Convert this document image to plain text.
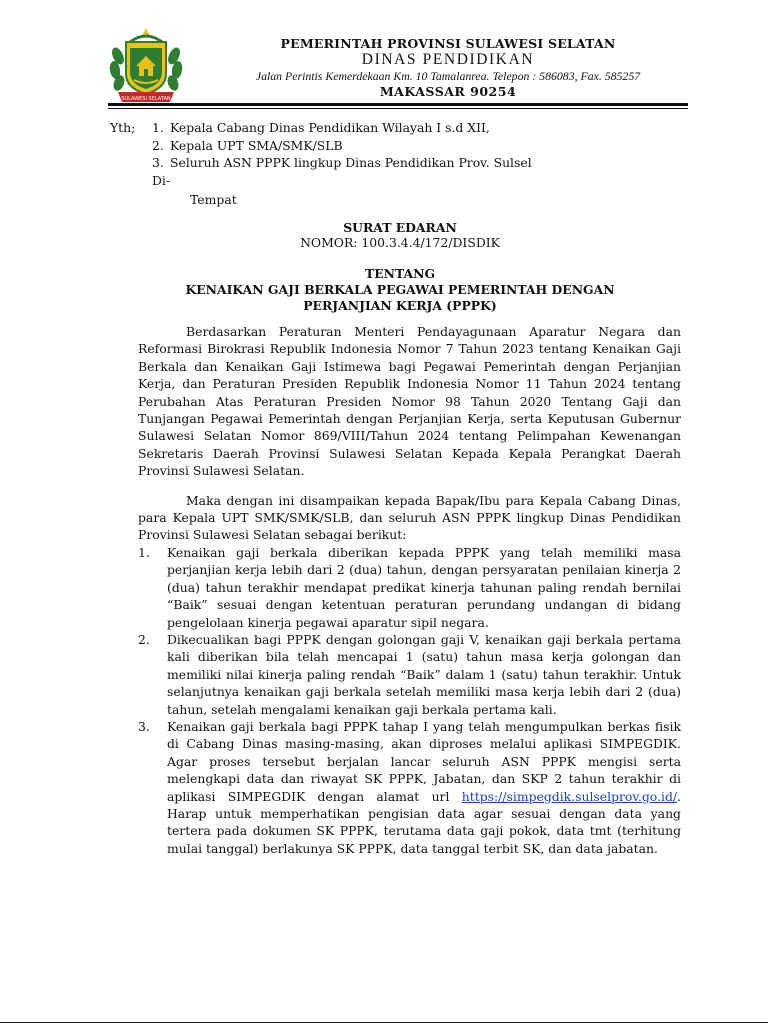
SULAWESI SELATAN

PEMERINTAH PROVINSI SULAWESI SELATAN

DINAS PENDIDIKAN

Jalan Perintis Kemerdekaan Km. 10 Tamalanrea. Telepon : 586083, Fax. 585257

MAKASSAR 90254

Yth;	1. Kepala Cabang Dinas Pendidikan Wilayah I s.d XII,
2. Kepala UPT SMA/SMK/SLB
3. Seluruh ASN PPPK lingkup Dinas Pendidikan Prov. Sulsel
Di-
Tempat
SURAT EDARAN
NOMOR: 100.3.4.4/172/DISDIK
TENTANG
KENAIKAN GAJI BERKALA PEGAWAI PEMERINTAH DENGAN
PERJANJIAN KERJA (PPPK)

Berdasarkan Peraturan Menteri Pendayagunaan Aparatur Negara dan Reformasi Birokrasi Republik Indonesia Nomor 7 Tahun 2023 tentang Kenaikan Gaji Berkala dan Kenaikan Gaji Istimewa bagi Pegawai Pemerintah dengan Perjanjian Kerja, dan Peraturan Presiden Republik Indonesia Nomor 11 Tahun 2024 tentang Perubahan Atas Peraturan Presiden Nomor 98 Tahun 2020 Tentang Gaji dan Tunjangan Pegawai Pemerintah dengan Perjanjian Kerja, serta Keputusan Gubernur Sulawesi Selatan Nomor 869/VIII/Tahun 2024 tentang Pelimpahan Kewenangan Sekretaris Daerah Provinsi Sulawesi Selatan Kepada Kepala Perangkat Daerah Provinsi Sulawesi Selatan.

Maka dengan ini disampaikan kepada Bapak/Ibu para Kepala Cabang Dinas, para Kepala UPT SMK/SMK/SLB, dan seluruh ASN PPPK lingkup Dinas Pendidikan Provinsi Sulawesi Selatan sebagai berikut:

1.	Kenaikan gaji berkala diberikan kepada PPPK yang telah memiliki masa perjanjian kerja lebih dari 2 (dua) tahun, dengan persyaratan penilaian kinerja 2 (dua) tahun terakhir mendapat predikat kinerja tahunan paling rendah bernilai “Baik” sesuai dengan ketentuan peraturan perundang undangan di bidang pengelolaan kinerja pegawai aparatur sipil negara.
2.	Dikecualikan bagi PPPK dengan golongan gaji V, kenaikan gaji berkala pertama kali diberikan bila telah mencapai 1 (satu) tahun masa kerja golongan dan memiliki nilai kinerja paling rendah “Baik” dalam 1 (satu) tahun terakhir. Untuk selanjutnya kenaikan gaji berkala setelah memiliki masa kerja lebih dari 2 (dua) tahun, setelah mengalami kenaikan gaji berkala pertama kali.
3.	Kenaikan gaji berkala bagi PPPK tahap I yang telah mengumpulkan berkas fisik di Cabang Dinas masing-masing, akan diproses melalui aplikasi SIMPEGDIK. Agar proses tersebut berjalan lancar seluruh ASN PPPK mengisi serta melengkapi data dan riwayat SK PPPK, Jabatan, dan SKP 2 tahun terakhir di aplikasi SIMPEGDIK dengan alamat url https://simpegdik.sulselprov.go.id/. Harap untuk memperhatikan pengisian data agar sesuai dengan data yang tertera pada dokumen SK PPPK, terutama data gaji pokok, data tmt (terhitung mulai tanggal) berlakunya SK PPPK, data tanggal terbit SK, dan data jabatan.
